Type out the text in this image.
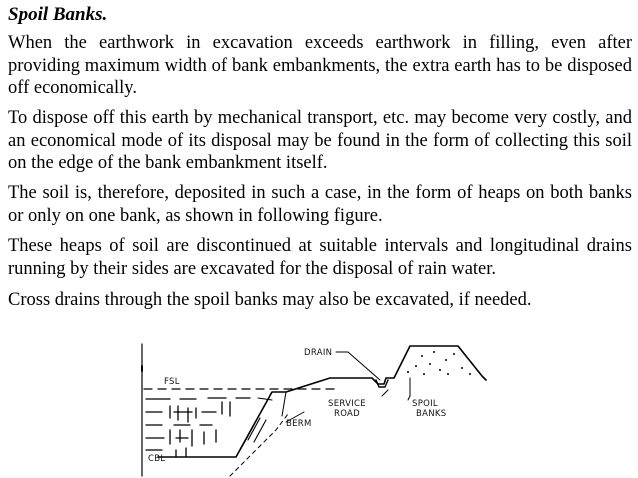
Spoil Banks.
When the earthwork in excavation exceeds earthwork in filling, even after providing maximum width of bank embankments, the extra earth has to be disposed off economically.
To dispose off this earth by mechanical transport, etc. may become very costly, and an economical mode of its disposal may be found in the form of collecting this soil on the edge of the bank embankment itself.
The soil is, therefore, deposited in such a case, in the form of heaps on both banks or only on one bank, as shown in following figure.
These heaps of soil are discontinued at suitable intervals and longitudinal drains running by their sides are excavated for the disposal of rain water.
Cross drains through the spoil banks may also be excavated, if needed.
FSL
CBL
DRAIN
BERM
SERVICE
ROAD
SPOIL
BANKS
